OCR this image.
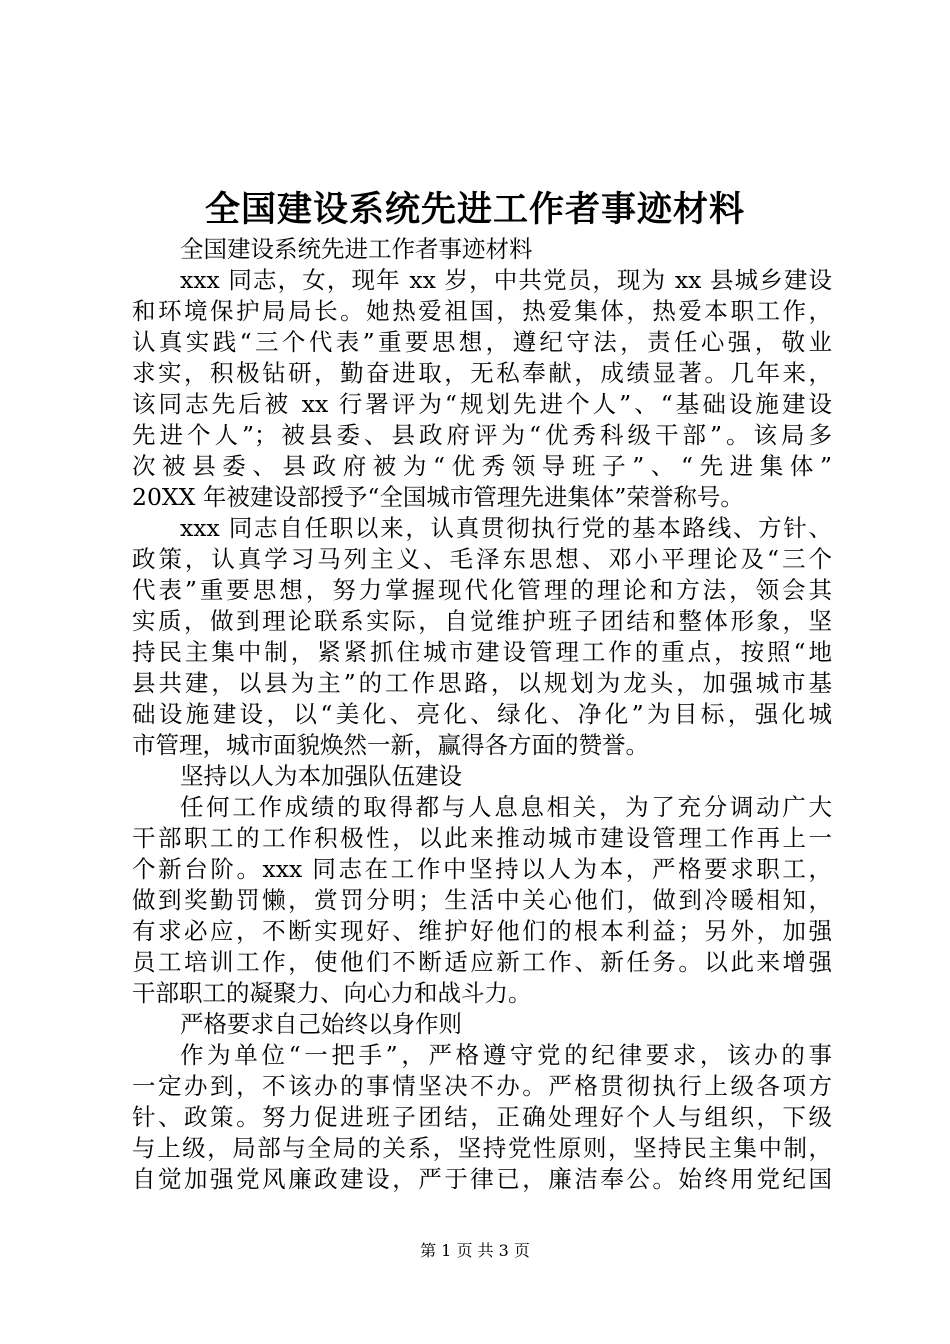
全国建设系统先进工作者事迹材料
全国建设系统先进工作者事迹材料
xxx 同志，女，现年 xx 岁，中共党员，现为 xx 县城乡建设
和环境保护局局长。她热爱祖国，热爱集体，热爱本职工作，
认真实践“三个代表”重要思想，遵纪守法，责任心强，敬业
求实，积极钻研，勤奋进取，无私奉献，成绩显著。几年来，
该同志先后被 xx 行署评为“规划先进个人”、“基础设施建设
先进个人”；被县委、县政府评为“优秀科级干部”。该局多
次被县委、县政府被为“优秀领导班子”、“先进集体”
20XX 年被建设部授予“全国城市管理先进集体”荣誉称号。
xxx 同志自任职以来，认真贯彻执行党的基本路线、方针、
政策，认真学习马列主义、毛泽东思想、邓小平理论及“三个
代表”重要思想，努力掌握现代化管理的理论和方法，领会其
实质，做到理论联系实际，自觉维护班子团结和整体形象，坚
持民主集中制，紧紧抓住城市建设管理工作的重点，按照“地
县共建，以县为主”的工作思路，以规划为龙头，加强城市基
础设施建设，以“美化、亮化、绿化、净化”为目标，强化城
市管理，城市面貌焕然一新，赢得各方面的赞誉。
坚持以人为本加强队伍建设
任何工作成绩的取得都与人息息相关，为了充分调动广大
干部职工的工作积极性，以此来推动城市建设管理工作再上一
个新台阶。xxx 同志在工作中坚持以人为本，严格要求职工，
做到奖勤罚懒，赏罚分明；生活中关心他们，做到冷暖相知，
有求必应，不断实现好、维护好他们的根本利益；另外，加强
员工培训工作，使他们不断适应新工作、新任务。以此来增强
干部职工的凝聚力、向心力和战斗力。
严格要求自己始终以身作则
作为单位“一把手”，严格遵守党的纪律要求，该办的事
一定办到，不该办的事情坚决不办。严格贯彻执行上级各项方
针、政策。努力促进班子团结，正确处理好个人与组织，下级
与上级，局部与全局的关系，坚持党性原则，坚持民主集中制，
自觉加强党风廉政建设，严于律已，廉洁奉公。始终用党纪国
第 1 页 共 3 页
